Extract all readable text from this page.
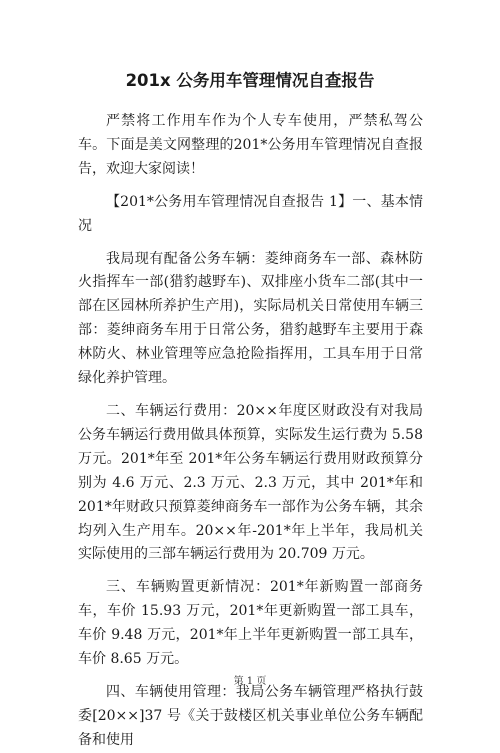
201x 公务用车管理情况自查报告

严禁将工作用车作为个人专车使用，严禁私驾公车。下面是美文网整理的201*公务用车管理情况自查报告，欢迎大家阅读！

【201*公务用车管理情况自查报告 1】一、基本情况

我局现有配备公务车辆：菱绅商务车一部、森林防火指挥车一部(猎豹越野车)、双排座小货车二部(其中一部在区园林所养护生产用)，实际局机关日常使用车辆三部：菱绅商务车用于日常公务，猎豹越野车主要用于森林防火、林业管理等应急抢险指挥用，工具车用于日常绿化养护管理。

二、车辆运行费用：20××年度区财政没有对我局公务车辆运行费用做具体预算，实际发生运行费为 5.58 万元。201*年至 201*年公务车辆运行费用财政预算分别为 4.6 万元、2.3 万元、2.3 万元，其中 201*年和 201*年财政只预算菱绅商务车一部作为公务车辆，其余均列入生产用车。20××年-201*年上半年，我局机关实际使用的三部车辆运行费用为 20.709 万元。

三、车辆购置更新情况：201*年新购置一部商务车，车价 15.93 万元，201*年更新购置一部工具车，车价 9.48 万元，201*年上半年更新购置一部工具车，车价 8.65 万元。

四、车辆使用管理：我局公务车辆管理严格执行鼓委[20××]37 号《关于鼓楼区机关事业单位公务车辆配备和使用

第 1 页
